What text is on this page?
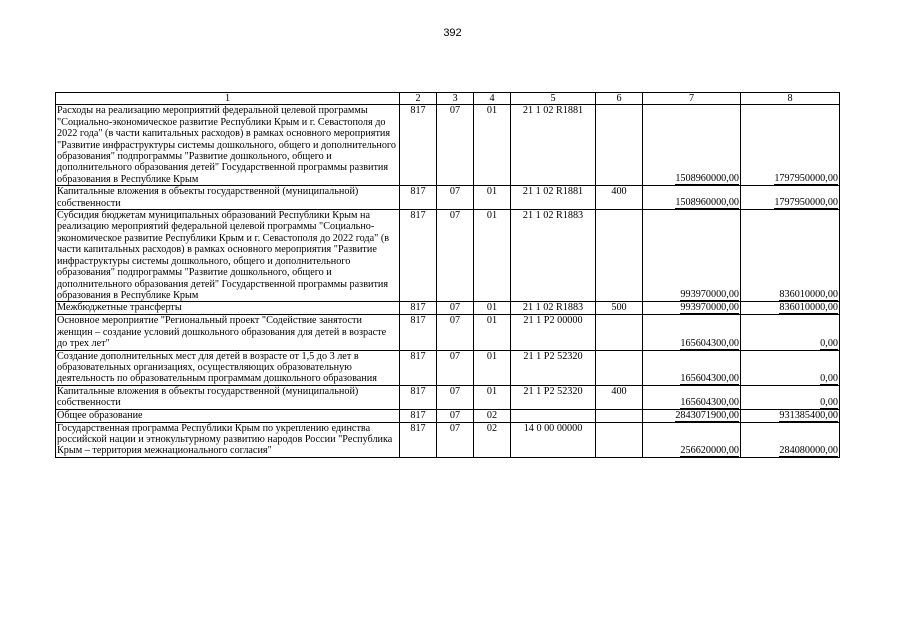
392
1	2	3	4	5	6	7	8
Расходы на реализацию мероприятий федеральной целевой программы "Социально-экономическое развитие Республики Крым и г. Севастополя до 2022 года" (в части капитальных расходов) в рамках основного мероприятия "Развитие инфраструктуры системы дошкольного, общего и дополнительного образования" подпрограммы "Развитие дошкольного, общего и дополнительного образования детей" Государственной программы развития образования в Республике Крым	817	07	01	21 1 02 R1881		1508960000,00	1797950000,00
Капитальные вложения в объекты государственной (муниципальной) собственности	817	07	01	21 1 02 R1881	400	1508960000,00	1797950000,00
Субсидия бюджетам муниципальных образований Республики Крым на реализацию мероприятий федеральной целевой программы "Социально-экономическое развитие Республики Крым и г. Севастополя до 2022 года" (в части капитальных расходов) в рамках основного мероприятия "Развитие инфраструктуры системы дошкольного, общего и дополнительного образования" подпрограммы "Развитие дошкольного, общего и дополнительного образования детей" Государственной программы развития образования в Республике Крым	817	07	01	21 1 02 R1883		993970000,00	836010000,00
Межбюджетные трансферты	817	07	01	21 1 02 R1883	500	993970000,00	836010000,00
Основное мероприятие "Региональный проект "Содействие занятости женщин – создание условий дошкольного образования для детей в возрасте до трех лет"	817	07	01	21 1 P2 00000		165604300,00	0,00
Создание дополнительных мест для детей в возрасте от 1,5 до 3 лет в образовательных организациях, осуществляющих образовательную деятельность по образовательным программам дошкольного образования	817	07	01	21 1 P2 52320		165604300,00	0,00
Капитальные вложения в объекты государственной (муниципальной) собственности	817	07	01	21 1 P2 52320	400	165604300,00	0,00
Общее образование	817	07	02			2843071900,00	931385400,00
Государственная программа Республики Крым по укреплению единства российской нации и этнокультурному развитию народов России "Республика Крым – территория межнационального согласия"	817	07	02	14 0 00 00000		256620000,00	284080000,00
